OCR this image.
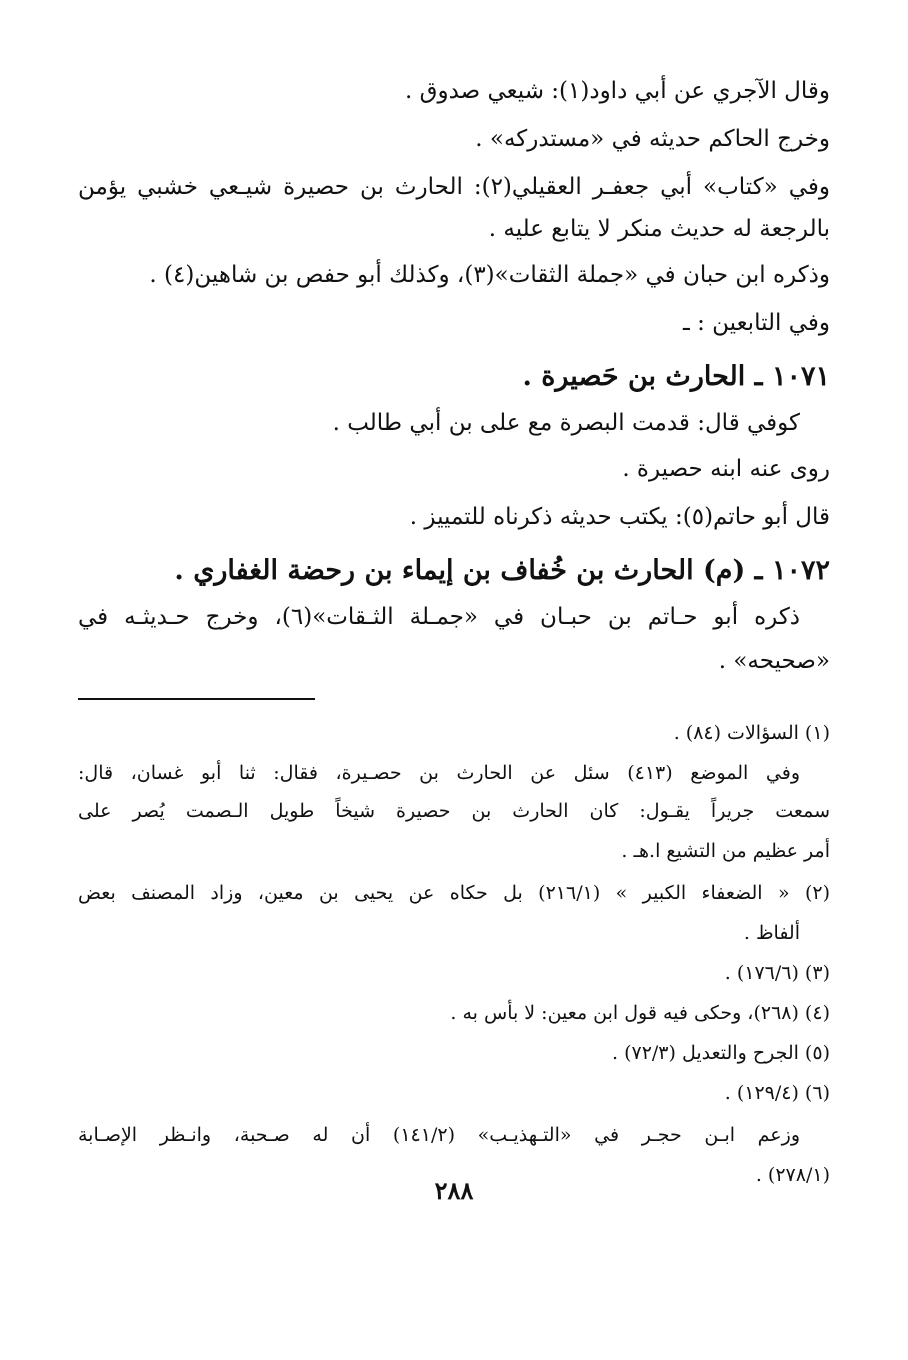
وقال الآجري عن أبي داود(١): شيعي صدوق .
وخرج الحاكم حديثه في «مستدركه» .
وفي «كتاب» أبي جعفـر العقيلي(٢): الحارث بن حصيرة شيـعي خشبي يؤمن
بالرجعة له حديث منكر لا يتابع عليه .
وذكره ابن حبان في «جملة الثقات»(٣)، وكذلك أبو حفص بن شاهين(٤) .
وفي التابعين : ـ
١٠٧١ ـ الحارث بن حَصيرة .
كوفي قال: قدمت البصرة مع على بن أبي طالب .
روى عنه ابنه حصيرة .
قال أبو حاتم(٥): يكتب حديثه ذكرناه للتمييز .
١٠٧٢ ـ (م) الحارث بن خُفاف بن إيماء بن رحضة الغفاري .
ذكره أبو حـاتم بن حبـان في «جمـلة الثـقات»(٦)، وخرج حـديثـه في
«صحيحه» .
(١) السؤالات (٨٤) .
وفي الموضع (٤١٣) سئل عن الحارث بن حصـيرة، فقال: ثنا أبو غسان، قال:
سمعت جريراً يقـول: كان الحارث بن حصيرة شيخاً طويل الـصمت يُصر على
أمر عظيم من التشيع ا.هـ .
(٢) « الضعفاء الكبير » (٢١٦/١) بل حكاه عن يحيى بن معين، وزاد المصنف بعض
ألفاظ .
(٣) (١٧٦/٦) .
(٤) (٢٦٨)، وحكى فيه قول ابن معين: لا بأس به .
(٥) الجرح والتعديل (٧٢/٣) .
(٦) (١٢٩/٤) .
وزعم ابـن حجـر في «التـهذيـب» (١٤١/٢) أن له صـحبة، وانـظر الإصـابة
(٢٧٨/١) .
٢٨٨
